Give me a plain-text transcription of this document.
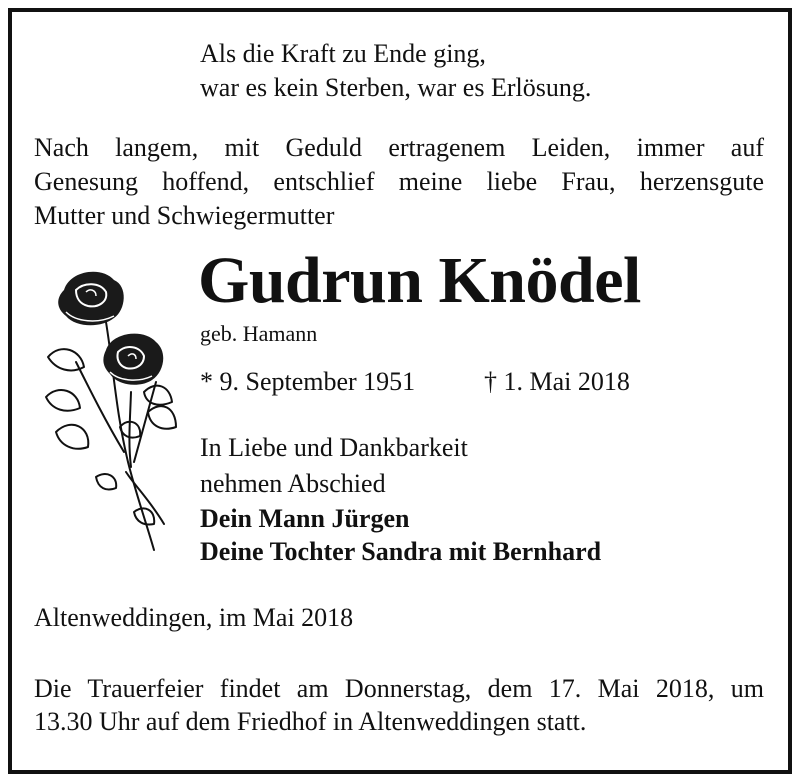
Als die Kraft zu Ende ging,
war es kein Sterben, war es Erlösung.
Nach langem, mit Geduld ertragenem Leiden, immer auf
Genesung hoffend, entschlief meine liebe Frau, herzensgute
Mutter und Schwiegermutter
Gudrun Knödel
geb. Hamann
* 9. September 1951	† 1. Mai 2018
In Liebe und Dankbarkeit
nehmen Abschied
Dein Mann Jürgen
Deine Tochter Sandra mit Bernhard
Altenweddingen, im Mai 2018
Die Trauerfeier findet am Donnerstag, dem 17. Mai 2018, um
13.30 Uhr auf dem Friedhof in Altenweddingen statt.
